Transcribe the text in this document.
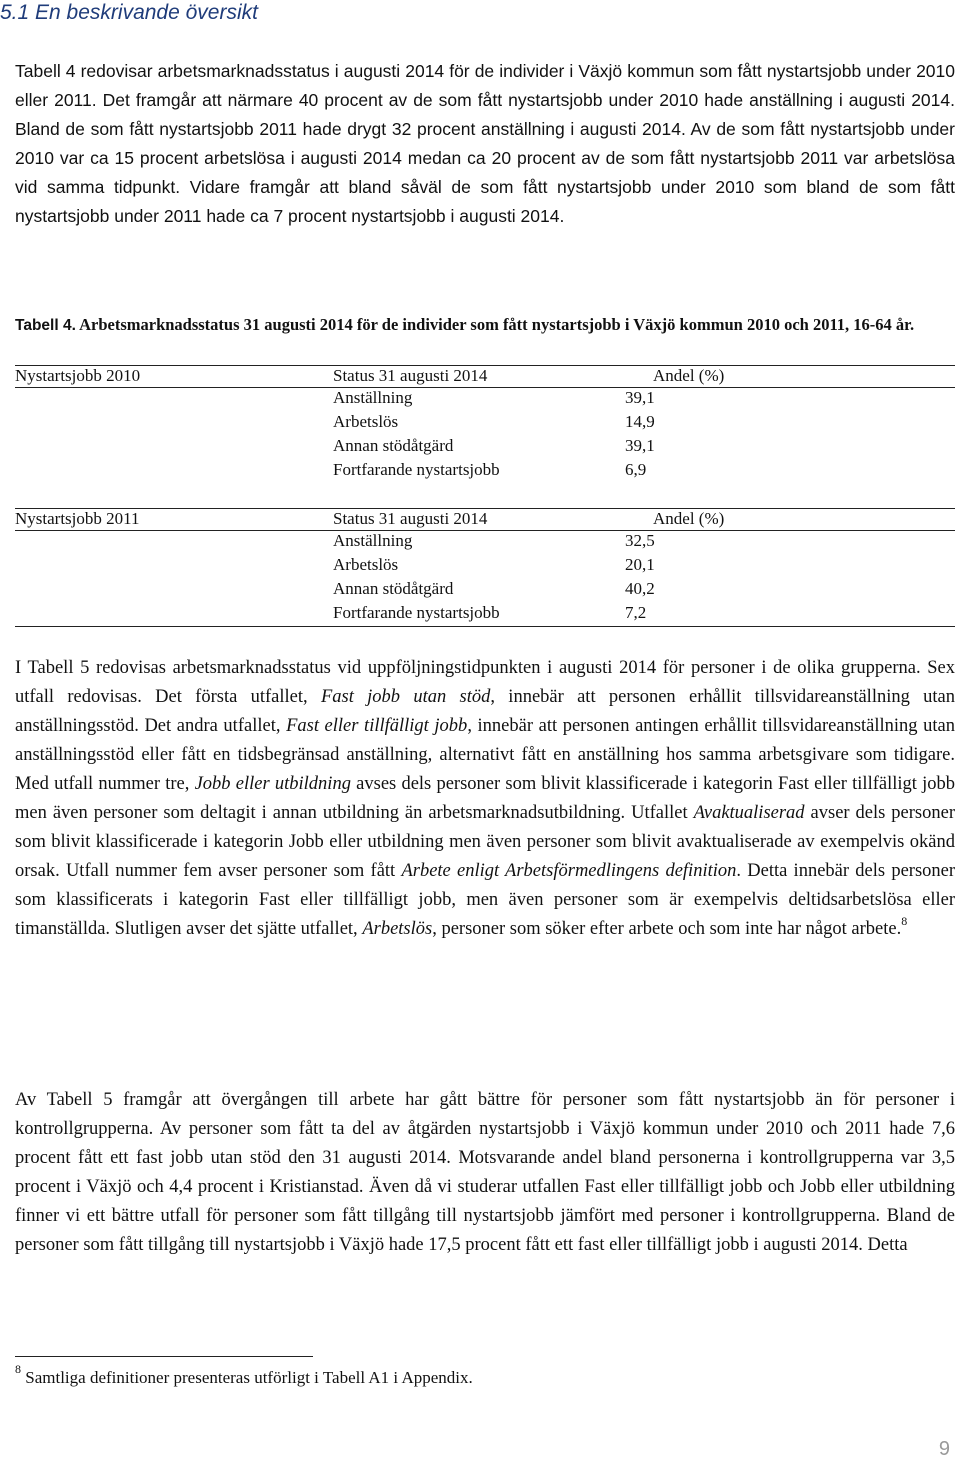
5.1 En beskrivande översikt

Tabell 4 redovisar arbetsmarknadsstatus i augusti 2014 för de individer i Växjö kommun som fått nystartsjobb under 2010 eller 2011. Det framgår att närmare 40 procent av de som fått nystartsjobb under 2010 hade anställning i augusti 2014. Bland de som fått nystartsjobb 2011 hade drygt 32 procent anställning i augusti 2014. Av de som fått nystartsjobb under 2010 var ca 15 procent arbetslösa i augusti 2014 medan ca 20 procent av de som fått nystartsjobb 2011 var arbetslösa vid samma tidpunkt. Vidare framgår att bland såväl de som fått nystartsjobb under 2010 som bland de som fått nystartsjobb under 2011 hade ca 7 procent nystartsjobb i augusti 2014.

Tabell 4. Arbetsmarknadsstatus 31 augusti 2014 för de individer som fått nystartsjobb i Växjö kommun 2010 och 2011, 16-64 år.

Nystartsjobb 2010	Status 31 augusti 2014	Andel (%)
Anställning	39,1
Arbetslös	14,9
Annan stödåtgärd	39,1
Fortfarande nystartsjobb	6,9
Nystartsjobb 2011	Status 31 augusti 2014	Andel (%)
Anställning	32,5
Arbetslös	20,1
Annan stödåtgärd	40,2
Fortfarande nystartsjobb	7,2

I Tabell 5 redovisas arbetsmarknadsstatus vid uppföljningstidpunkten i augusti 2014 för personer i de olika grupperna. Sex utfall redovisas. Det första utfallet, Fast jobb utan stöd, innebär att personen erhållit tillsvidareanställning utan anställningsstöd. Det andra utfallet, Fast eller tillfälligt jobb, innebär att personen antingen erhållit tillsvidareanställning utan anställningsstöd eller fått en tidsbegränsad anställning, alternativt fått en anställning hos samma arbetsgivare som tidigare. Med utfall nummer tre, Jobb eller utbildning avses dels personer som blivit klassificerade i kategorin Fast eller tillfälligt jobb men även personer som deltagit i annan utbildning än arbetsmarknadsutbildning. Utfallet Avaktualiserad avser dels personer som blivit klassificerade i kategorin Jobb eller utbildning men även personer som blivit avaktualiserade av exempelvis okänd orsak. Utfall nummer fem avser personer som fått Arbete enligt Arbetsförmedlingens definition. Detta innebär dels personer som klassificerats i kategorin Fast eller tillfälligt jobb, men även personer som är exempelvis deltidsarbetslösa eller timanställda. Slutligen avser det sjätte utfallet, Arbetslös, personer som söker efter arbete och som inte har något arbete.$^8$

Av Tabell 5 framgår att övergången till arbete har gått bättre för personer som fått nystartsjobb än för personer i kontrollgrupperna. Av personer som fått ta del av åtgärden nystartsjobb i Växjö kommun under 2010 och 2011 hade 7,6 procent fått ett fast jobb utan stöd den 31 augusti 2014. Motsvarande andel bland personerna i kontrollgrupperna var 3,5 procent i Växjö och 4,4 procent i Kristianstad. Även då vi studerar utfallen Fast eller tillfälligt jobb och Jobb eller utbildning finner vi ett bättre utfall för personer som fått tillgång till nystartsjobb jämfört med personer i kontrollgrupperna. Bland de personer som fått tillgång till nystartsjobb i Växjö hade 17,5 procent fått ett fast eller tillfälligt jobb i augusti 2014. Detta

$^8$ Samtliga definitioner presenteras utförligt i Tabell A1 i Appendix.

9
